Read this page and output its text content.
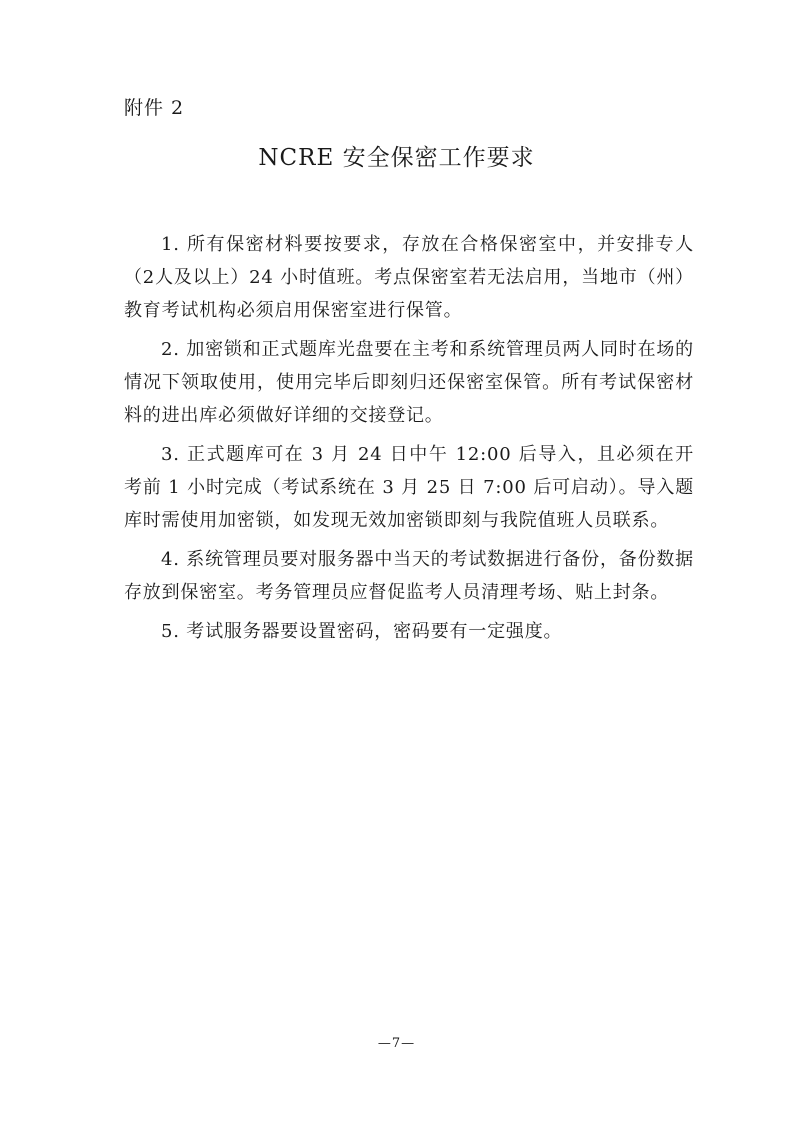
附件 2
NCRE 安全保密工作要求

1. 所有保密材料要按要求，存放在合格保密室中，并安排专人（2人及以上）24 小时值班。考点保密室若无法启用，当地市（州）教育考试机构必须启用保密室进行保管。

2. 加密锁和正式题库光盘要在主考和系统管理员两人同时在场的情况下领取使用，使用完毕后即刻归还保密室保管。所有考试保密材料的进出库必须做好详细的交接登记。

3. 正式题库可在 3 月 24 日中午 12:00 后导入，且必须在开考前 1 小时完成（考试系统在 3 月 25 日 7:00 后可启动）。导入题库时需使用加密锁，如发现无效加密锁即刻与我院值班人员联系。

4. 系统管理员要对服务器中当天的考试数据进行备份，备份数据存放到保密室。考务管理员应督促监考人员清理考场、贴上封条。

5. 考试服务器要设置密码，密码要有一定强度。

—7—
